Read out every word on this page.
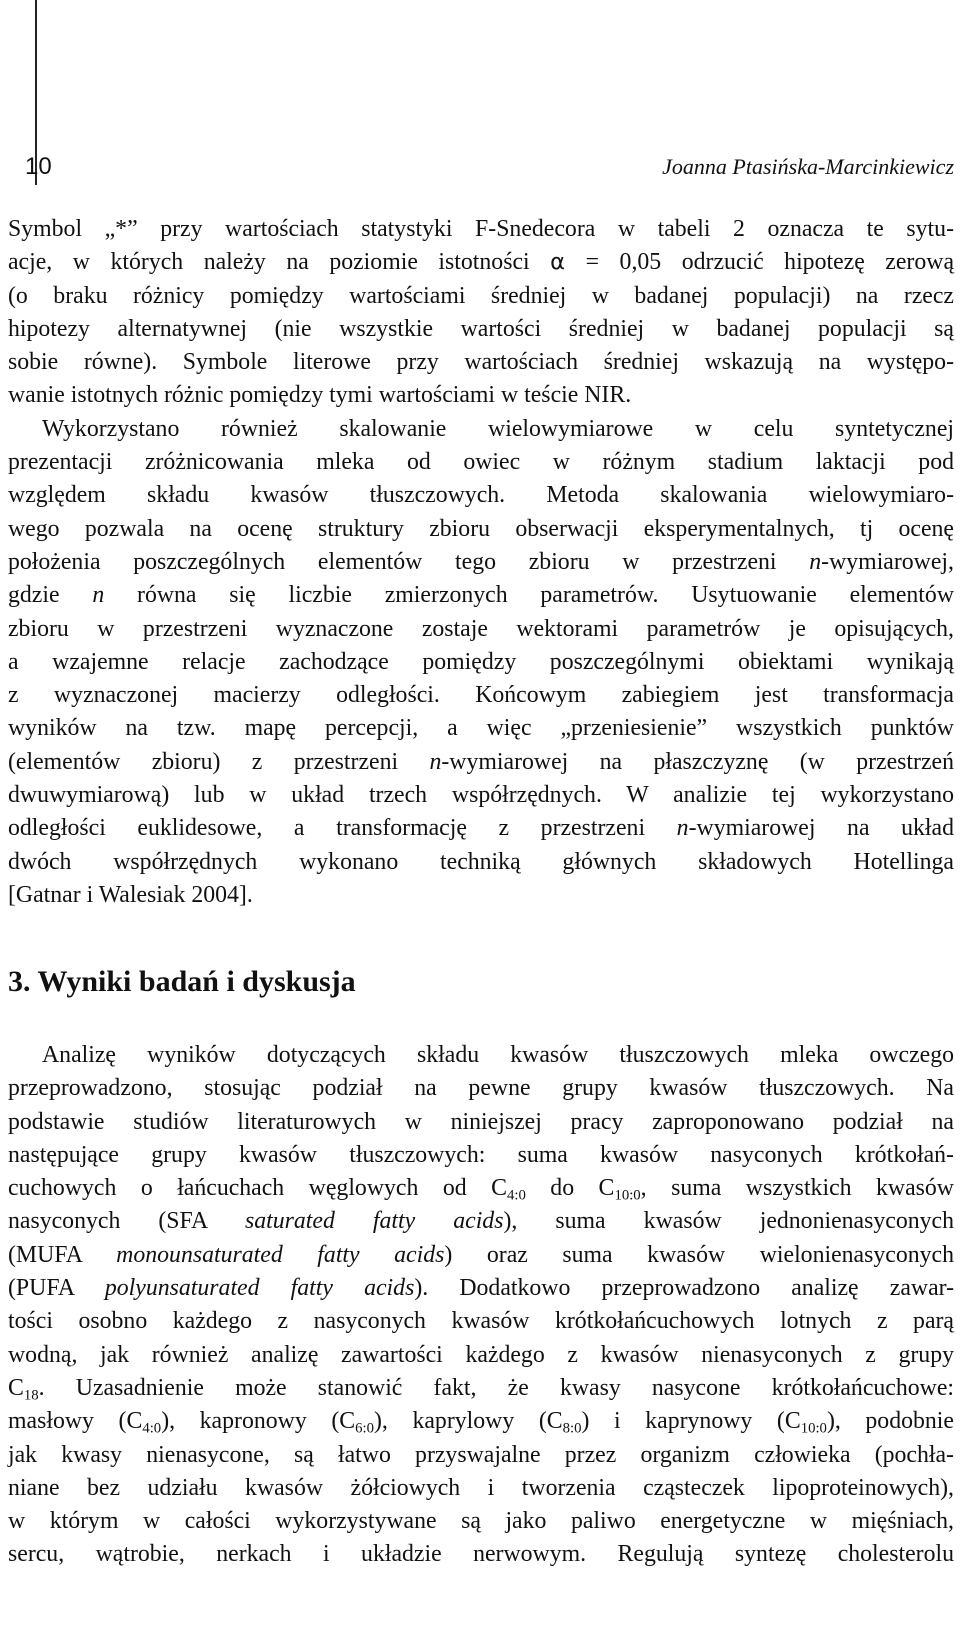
10	Joanna Ptasińska-Marcinkiewicz
Symbol „*” przy wartościach statystyki F-Snedecora w tabeli 2 oznacza te sytu-
acje, w których należy na poziomie istotności α = 0,05 odrzucić hipotezę zerową
(o braku różnicy pomiędzy wartościami średniej w badanej populacji) na rzecz
hipotezy alternatywnej (nie wszystkie wartości średniej w badanej populacji są
sobie równe). Symbole literowe przy wartościach średniej wskazują na występo-
wanie istotnych różnic pomiędzy tymi wartościami w teście NIR.
Wykorzystano również skalowanie wielowymiarowe w celu syntetycznej
prezentacji zróżnicowania mleka od owiec w różnym stadium laktacji pod
względem składu kwasów tłuszczowych. Metoda skalowania wielowymiaro-
wego pozwala na ocenę struktury zbioru obserwacji eksperymentalnych, tj ocenę
położenia poszczególnych elementów tego zbioru w przestrzeni n-wymiarowej,
gdzie n równa się liczbie zmierzonych parametrów. Usytuowanie elementów
zbioru w przestrzeni wyznaczone zostaje wektorami parametrów je opisujących,
a wzajemne relacje zachodzące pomiędzy poszczególnymi obiektami wynikają
z wyznaczonej macierzy odległości. Końcowym zabiegiem jest transformacja
wyników na tzw. mapę percepcji, a więc „przeniesienie” wszystkich punktów
(elementów zbioru) z przestrzeni n-wymiarowej na płaszczyznę (w przestrzeń
dwuwymiarową) lub w układ trzech współrzędnych. W analizie tej wykorzystano
odległości euklidesowe, a transformację z przestrzeni n-wymiarowej na układ
dwóch współrzędnych wykonano techniką głównych składowych Hotellinga
[Gatnar i Walesiak 2004].
3. Wyniki badań i dyskusja
Analizę wyników dotyczących składu kwasów tłuszczowych mleka owczego
przeprowadzono, stosując podział na pewne grupy kwasów tłuszczowych. Na
podstawie studiów literaturowych w niniejszej pracy zaproponowano podział na
następujące grupy kwasów tłuszczowych: suma kwasów nasyconych krótkołań-
cuchowych o łańcuchach węglowych od $C_{4:0}$ do $C_{10:0}$, suma wszystkich kwasów
nasyconych (SFA saturated fatty acids), suma kwasów jednonienasyconych
(MUFA monounsaturated fatty acids) oraz suma kwasów wielonienasyconych
(PUFA polyunsaturated fatty acids). Dodatkowo przeprowadzono analizę zawar-
tości osobno każdego z nasyconych kwasów krótkołańcuchowych lotnych z parą
wodną, jak również analizę zawartości każdego z kwasów nienasyconych z grupy
$C_{18}$. Uzasadnienie może stanowić fakt, że kwasy nasycone krótkołańcuchowe:
masłowy $(C_{4:0})$, kapronowy $(C_{6:0})$, kaprylowy $(C_{8:0})$ i kaprynowy $(C_{10:0})$, podobnie
jak kwasy nienasycone, są łatwo przyswajalne przez organizm człowieka (pochła-
niane bez udziału kwasów żółciowych i tworzenia cząsteczek lipoproteinowych),
w którym w całości wykorzystywane są jako paliwo energetyczne w mięśniach,
sercu, wątrobie, nerkach i układzie nerwowym. Regulują syntezę cholesterolu
